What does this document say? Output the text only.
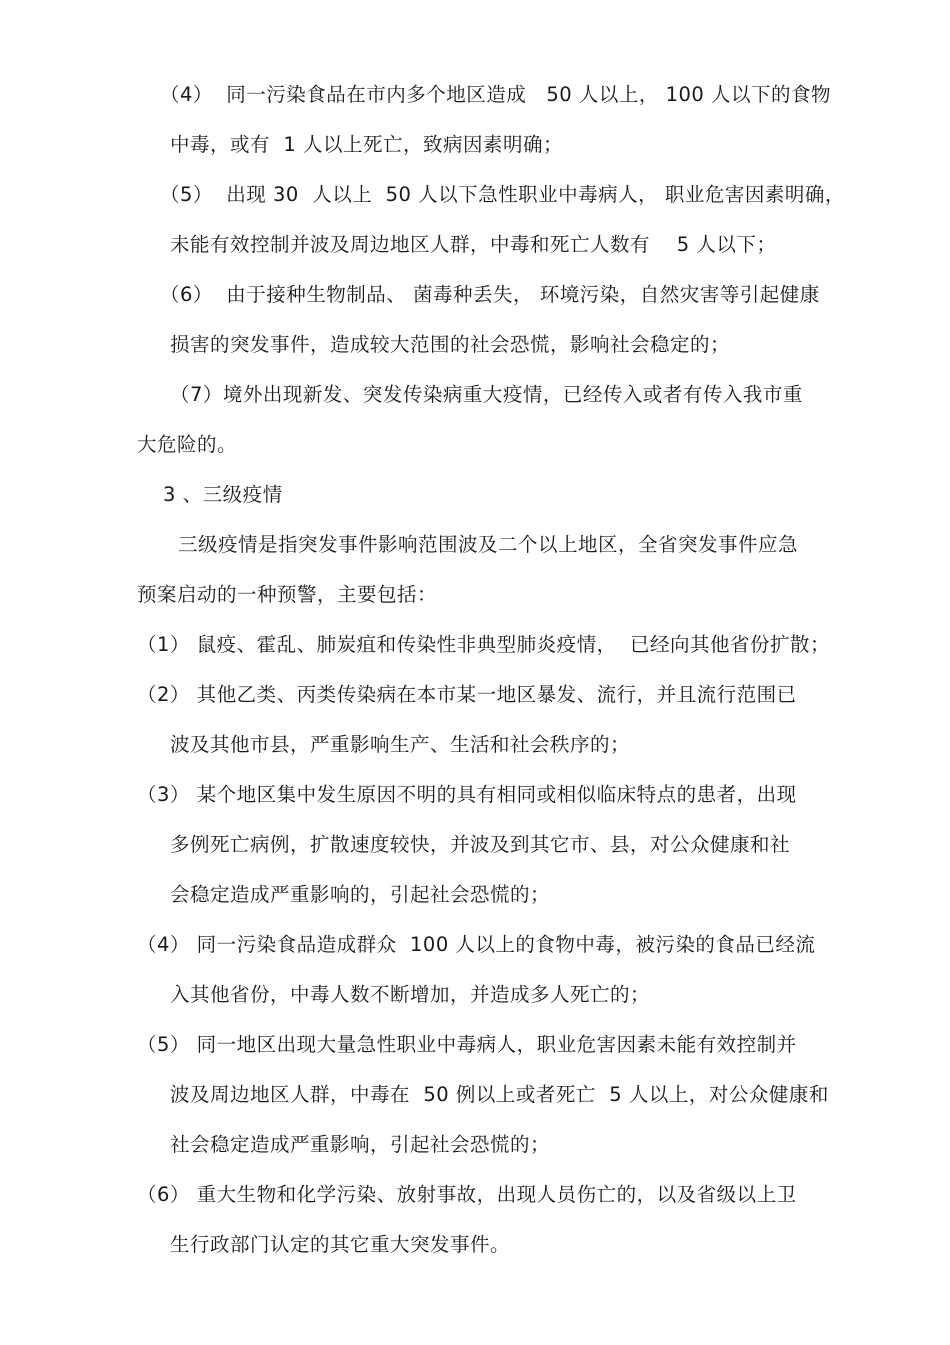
（4）  同一污染食品在市内多个地区造成   50 人以上， 100 人以下的食物
中毒，或有  1 人以上死亡，致病因素明确；
（5）  出现 30  人以上  50 人以下急性职业中毒病人， 职业危害因素明确，
未能有效控制并波及周边地区人群，中毒和死亡人数有    5 人以下；
（6）  由于接种生物制品、 菌毒种丢失， 环境污染，自然灾害等引起健康
损害的突发事件，造成较大范围的社会恐慌，影响社会稳定的；
（7）境外出现新发、突发传染病重大疫情，已经传入或者有传入我市重
大危险的。
3 、三级疫情
三级疫情是指突发事件影响范围波及二个以上地区，全省突发事件应急
预案启动的一种预警，主要包括：
（1） 鼠疫、霍乱、肺炭疽和传染性非典型肺炎疫情，  已经向其他省份扩散；
（2） 其他乙类、丙类传染病在本市某一地区暴发、流行，并且流行范围已
波及其他市县，严重影响生产、生活和社会秩序的；
（3） 某个地区集中发生原因不明的具有相同或相似临床特点的患者，出现
多例死亡病例，扩散速度较快，并波及到其它市、县，对公众健康和社
会稳定造成严重影响的，引起社会恐慌的；
（4） 同一污染食品造成群众  100 人以上的食物中毒，被污染的食品已经流
入其他省份，中毒人数不断增加，并造成多人死亡的；
（5） 同一地区出现大量急性职业中毒病人，职业危害因素未能有效控制并
波及周边地区人群，中毒在  50 例以上或者死亡  5 人以上，对公众健康和
社会稳定造成严重影响，引起社会恐慌的；
（6） 重大生物和化学污染、放射事故，出现人员伤亡的，以及省级以上卫
生行政部门认定的其它重大突发事件。
